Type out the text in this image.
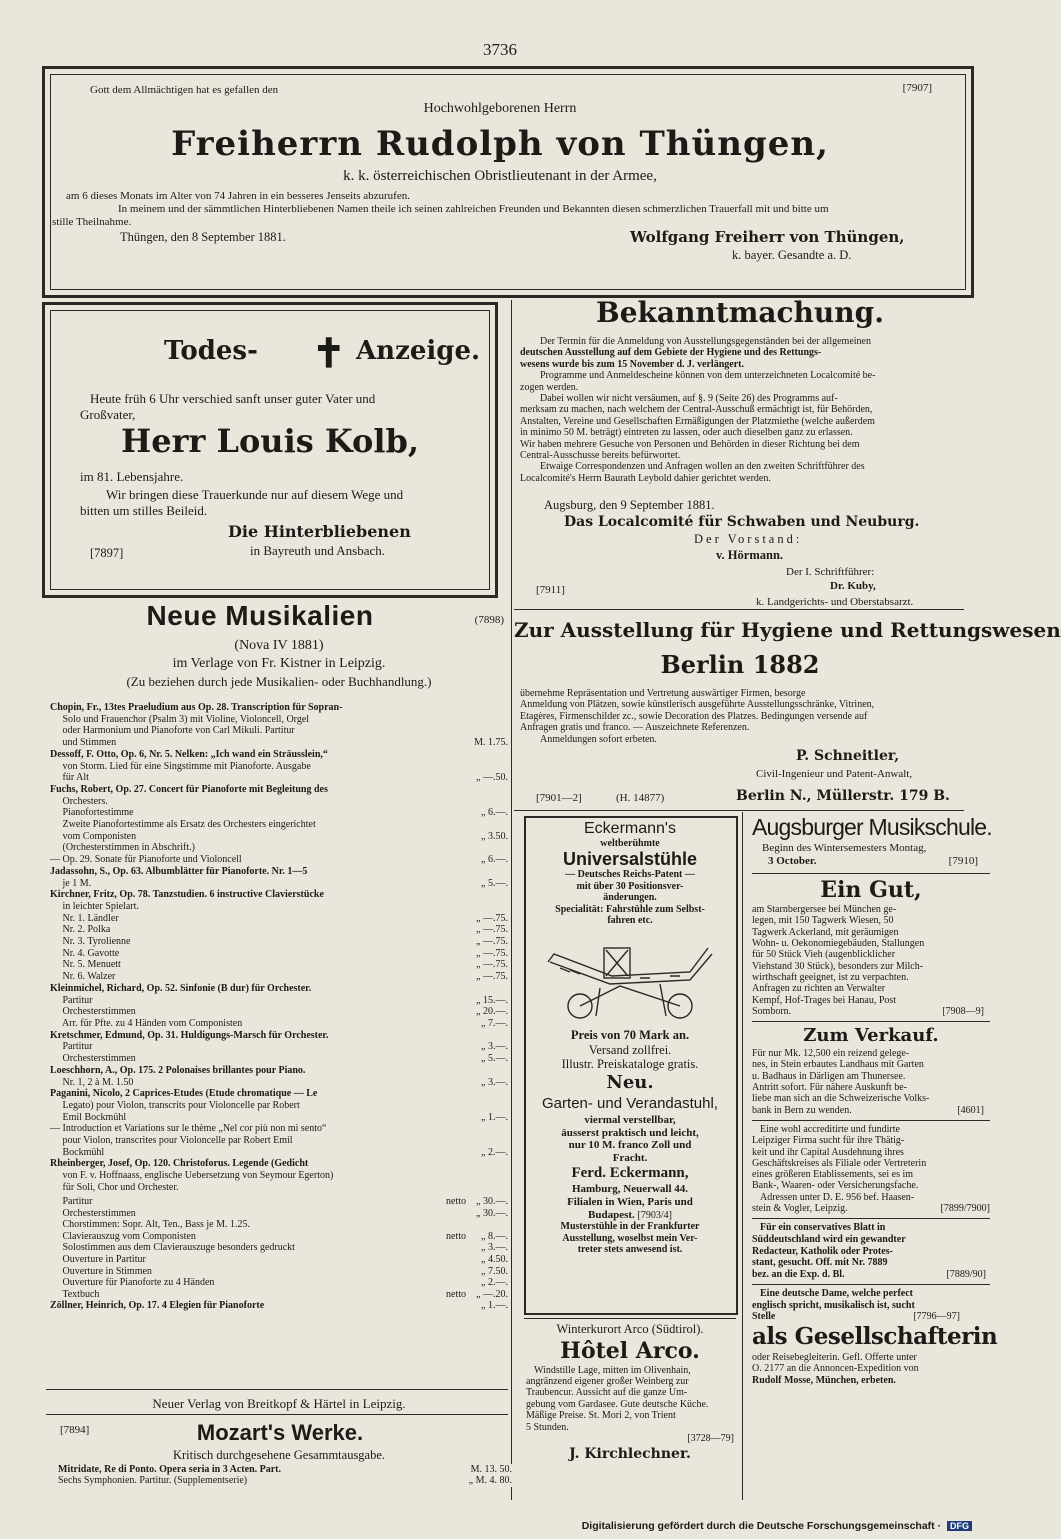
3736
Gott dem Allmächtigen hat es gefallen den	[7907]
Hochwohlgeborenen Herrn
Freiherrn Rudolph von Thüngen,
k. k. österreichischen Obristlieutenant in der Armee,
am 6 dieses Monats im Alter von 74 Jahren in ein besseres Jenseits abzurufen.
In meinem und der sämmtlichen Hinterbliebenen Namen theile ich seinen zahlreichen Freunden und Bekannten diesen schmerzlichen Trauerfall mit und bitte um
stille Theilnahme.
Thüngen, den 8 September 1881.	Wolfgang Freiherr von Thüngen,
k. bayer. Gesandte a. D.
Todes- ✝ Anzeige.
Heute früh 6 Uhr verschied sanft unser guter Vater und
Großvater,
Herr Louis Kolb,
im 81. Lebensjahre.
Wir bringen diese Trauerkunde nur auf diesem Wege und
bitten um stilles Beileid.
Die Hinterbliebenen
[7897]	in Bayreuth und Ansbach.
Bekanntmachung.

Der Termin für die Anmeldung von Ausstellungsgegenständen bei der allgemeinen

deutschen Ausstellung auf dem Gebiete der Hygiene und des Rettungs-

wesens wurde bis zum 15 November d. J. verlängert.

Programme und Anmeldescheine können von dem unterzeichneten Localcomité be-

zogen werden.

Dabei wollen wir nicht versäumen, auf §. 9 (Seite 26) des Programms auf-

merksam zu machen, nach welchem der Central-Ausschuß ermächtigt ist, für Behörden,

Anstalten, Vereine und Gesellschaften Ermäßigungen der Platzmiethe (welche außerdem

in minimo 50 M. beträgt) eintreten zu lassen, oder auch dieselben ganz zu erlassen.

Wir haben mehrere Gesuche von Personen und Behörden in dieser Richtung bei dem

Central-Ausschusse bereits befürwortet.

Etwaige Correspondenzen und Anfragen wollen an den zweiten Schriftführer des

Localcomité's Herrn Baurath Leybold dahier gerichtet werden.

Augsburg, den 9 September 1881.
Das Localcomité für Schwaben und Neuburg.
Der Vorstand:
v. Hörmann.
Der I. Schriftführer:
Dr. Kuby,
[7911]
k. Landgerichts- und Oberstabsarzt.
Zur Ausstellung für Hygiene und Rettungswesen
Berlin 1882

übernehme Repräsentation und Vertretung auswärtiger Firmen, besorge

Anmeldung von Plätzen, sowie künstlerisch ausgeführte Ausstellungsschränke, Vitrinen,

Etagères, Firmenschilder zc., sowie Decoration des Platzes. Bedingungen versende auf

Anfragen gratis und franco. — Auszeichnete Referenzen.

Anmeldungen sofort erbeten.

P. Schneitler,
Civil-Ingenieur und Patent-Anwalt,
[7901—2]	(H. 14877)	Berlin N., Müllerstr. 179 B.
Neue Musikalien	(7898)
(Nova IV 1881)
im Verlage von Fr. Kistner in Leipzig.
(Zu beziehen durch jede Musikalien- oder Buchhandlung.)
Chopin, Fr., 13tes Praeludium aus Op. 28. Transcription für Sopran-
Solo und Frauenchor (Psalm 3) mit Violine, Violoncell, Orgel
oder Harmonium und Pianoforte von Carl Mikuli. Partitur
und Stimmen	M. 1.75.
Dessoff, F. Otto, Op. 6, Nr. 5. Nelken: „Ich wand ein Sträusslein,“
von Storm. Lied für eine Singstimme mit Pianoforte. Ausgabe
für Alt	„ —.50.
Fuchs, Robert, Op. 27. Concert für Pianoforte mit Begleitung des
Orchesters.
Pianofortestimme	„ 6.—.
Zweite Pianofortestimme als Ersatz des Orchesters eingerichtet
vom Componisten	„ 3.50.
(Orchesterstimmen in Abschrift.)
— Op. 29. Sonate für Pianoforte und Violoncell	„ 6.—.
Jadassohn, S., Op. 63. Albumblätter für Pianoforte. Nr. 1—5
je 1 M.	„ 5.—.
Kirchner, Fritz, Op. 78. Tanzstudien. 6 instructive Clavierstücke
in leichter Spielart.
Nr. 1. Ländler	„ —.75.
Nr. 2. Polka	„ —.75.
Nr. 3. Tyrolienne	„ —.75.
Nr. 4. Gavotte	„ —.75.
Nr. 5. Menuett	„ —.75.
Nr. 6. Walzer	„ —.75.
Kleinmichel, Richard, Op. 52. Sinfonie (B dur) für Orchester.
Partitur	„ 15.—.
Orchesterstimmen	„ 20.—.
Arr. für Pfte. zu 4 Händen vom Componisten	„ 7.—.
Kretschmer, Edmund, Op. 31. Huldigungs-Marsch für Orchester.
Partitur	„ 3.—.
Orchesterstimmen	„ 5.—.
Loeschhorn, A., Op. 175. 2 Polonaises brillantes pour Piano.
Nr. 1, 2 à M. 1.50	„ 3.—.
Paganini, Nicolo, 2 Caprices-Etudes (Etude chromatique — Le
Legato) pour Violon, transcrits pour Violoncelle par Robert
Emil Bockmühl	„ 1.—.
— Introduction et Variations sur le thème „Nel cor più non mi sento“
pour Violon, transcrites pour Violoncelle par Robert Emil
Bockmühl	„ 2.—.
Rheinberger, Josef, Op. 120. Christoforus. Legende (Gedicht
von F. v. Hoffnaass, englische Uebersetzung von Seymour Egerton)
für Soli, Chor und Orchester.
Partitur	netto	„ 30.—.
Orchesterstimmen	„ 30.—.
Chorstimmen: Sopr. Alt, Ten., Bass je M. 1.25.
Clavierauszug vom Componisten	netto	„ 8.—.
Solostimmen aus dem Clavierauszuge besonders gedruckt	„ 3.—.
Ouverture in Partitur	„ 4.50.
Ouverture in Stimmen	„ 7.50.
Ouverture für Pianoforte zu 4 Händen	„ 2.—.
Textbuch	netto	„ —.20.
Zöllner, Heinrich, Op. 17. 4 Elegien für Pianoforte	„ 1.—.
Neuer Verlag von Breitkopf & Härtel in Leipzig.
[7894]	Mozart's Werke.
Kritisch durchgesehene Gesammtausgabe.
Mitridate, Re di Ponto. Opera seria in 3 Acten. Part.	M. 13. 50.
Sechs Symphonien. Partitur. (Supplementserie)	„ M. 4. 80.
Eckermann's
weltberühmte
Universalstühle
— Deutsches Reichs-Patent —
mit über 30 Positionsver-
änderungen.
Specialität: Fahrstühle zum Selbst-
fahren etc.
Preis von 70 Mark an.
Versand zollfrei.
Illustr. Preiskataloge gratis.
Neu.
Garten- und Verandastuhl,
viermal verstellbar,
äusserst praktisch und leicht,
nur 10 M. franco Zoll und
Fracht.
Ferd. Eckermann,
Hamburg, Neuerwall 44.
Filialen in Wien, Paris und
Budapest. [7903/4]
Musterstühle in der Frankfurter
Ausstellung, woselbst mein Ver-
treter stets anwesend ist.
Winterkurort Arco (Südtirol).
Hôtel Arco.

Windstille Lage, mitten im Olivenhain,

angränzend eigener großer Weinberg zur

Traubencur. Aussicht auf die ganze Um-

gebung vom Gardasee. Gute deutsche Küche.

Mäßige Preise. St. Mori 2, von Trient

5 Stunden.

[3728—79]
J. Kirchlechner.
Augsburger Musikschule.
Beginn des Wintersemesters Montag,
3 October.	[7910]
Ein Gut,

am Starnbergersee bei München ge-

legen, mit 150 Tagwerk Wiesen, 50

Tagwerk Ackerland, mit geräumigen

Wohn- u. Oekonomiegebäuden, Stallungen

für 50 Stück Vieh (augenblicklicher

Viehstand 30 Stück), besonders zur Milch-

wirthschaft geeignet, ist zu verpachten.

Anfragen zu richten an Verwalter

Kempf, Hof-Trages bei Hanau, Post

Somborn.	[7908—9]

Zum Verkauf.

Für nur Mk. 12,500 ein reizend gelege-

nes, in Stein erbautes Landhaus mit Garten

u. Badhaus in Därligen am Thunersee.

Antritt sofort. Für nähere Auskunft be-

liebe man sich an die Schweizerische Volks-

bank in Bern zu wenden.	[4601]

Eine wohl accreditirte und fundirte

Leipziger Firma sucht für ihre Thätig-

keit und ihr Capital Ausdehnung ihres

Geschäftskreises als Filiale oder Vertreterin

eines größeren Etablissements, sei es im

Bank-, Waaren- oder Versicherungsfache.

Adressen unter D. E. 956 bef. Haasen-

stein & Vogler, Leipzig.	[7899/7900]

Für ein conservatives Blatt in

Süddeutschland wird ein gewandter

Redacteur, Katholik oder Protes-

stant, gesucht. Off. mit Nr. 7889

bez. an die Exp. d. Bl.	[7889/90]

Eine deutsche Dame, welche perfect

englisch spricht, musikalisch ist, sucht

Stelle	[7796—97]

als Gesellschafterin

oder Reisebegleiterin. Gefl. Offerte unter

O. 2177 an die Annoncen-Expedition von

Rudolf Mosse, München, erbeten.

Digitalisierung gefördert durch die Deutsche Forschungsgemeinschaft · DFG
